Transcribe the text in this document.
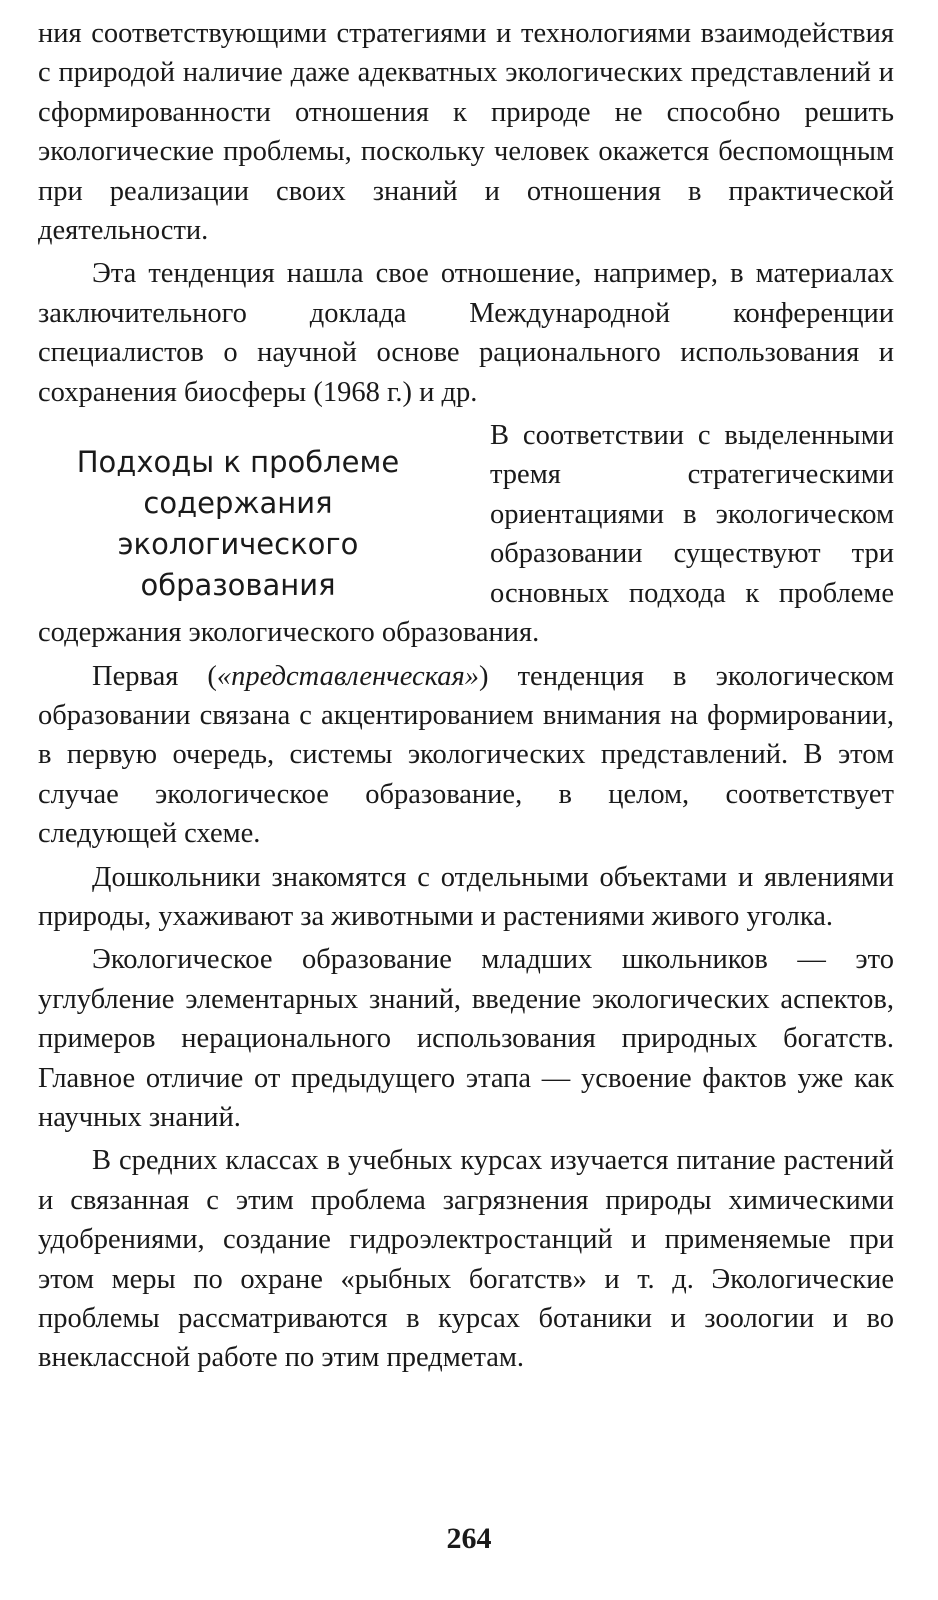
ния соответствующими стратегиями и технологиями взаимодействия с природой наличие даже адекватных экологических представлений и сформированности отношения к природе не способно решить экологические проблемы, поскольку человек окажется беспомощным при реализации своих знаний и отношения в практической деятельности.

Эта тенденция нашла свое отношение, например, в материалах заключительного доклада Международной конференции специалистов о научной основе рационального использования и сохранения биосферы (1968 г.) и др.

Подходы к проблеме
содержания
экологического
образования

В соответствии с выделенными тремя стратегическими ориентациями в экологическом образовании существуют три основных подхода к проблеме содержания экологического образования.

Первая («представленческая») тенденция в экологическом образовании связана с акцентированием внимания на формировании, в первую очередь, системы экологических представлений. В этом случае экологическое образование, в целом, соответствует следующей схеме.

Дошкольники знакомятся с отдельными объектами и явлениями природы, ухаживают за животными и растениями живого уголка.

Экологическое образование младших школьников — это углубление элементарных знаний, введение экологических аспектов, примеров нерационального использования природных богатств. Главное отличие от предыдущего этапа — усвоение фактов уже как научных знаний.

В средних классах в учебных курсах изучается питание растений и связанная с этим проблема загрязнения природы химическими удобрениями, создание гидроэлектростанций и применяемые при этом меры по охране «рыбных богатств» и т. д. Экологические проблемы рассматриваются в курсах ботаники и зоологии и во внеклассной работе по этим предметам.

264
